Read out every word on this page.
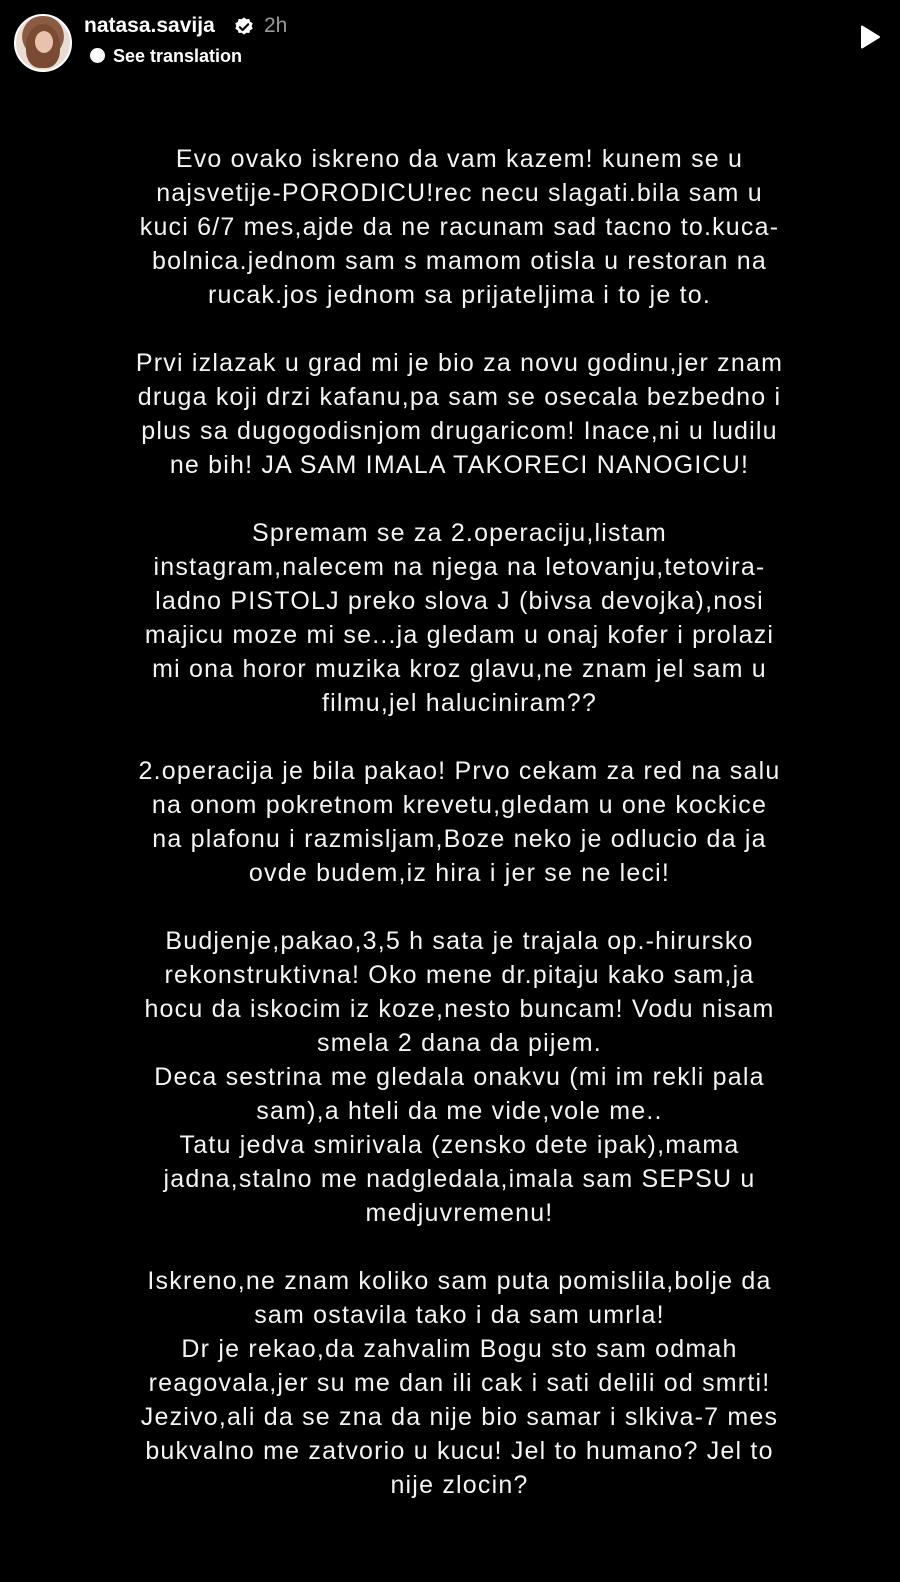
natasa.savija 2h
See translation
Evo ovako iskreno da vam kazem! kunem se u
najsvetije-PORODICU!rec necu slagati.bila sam u
kuci 6/7 mes,ajde da ne racunam sad tacno to.kuca-
bolnica.jednom sam s mamom otisla u restoran na
rucak.jos jednom sa prijateljima i to je to.
Prvi izlazak u grad mi je bio za novu godinu,jer znam
druga koji drzi kafanu,pa sam se osecala bezbedno i
plus sa dugogodisnjom drugaricom! Inace,ni u ludilu
ne bih! JA SAM IMALA TAKORECI NANOGICU!
Spremam se za 2.operaciju,listam
instagram,nalecem na njega na letovanju,tetovira-
ladno PISTOLJ preko slova J (bivsa devojka),nosi
majicu moze mi se...ja gledam u onaj kofer i prolazi
mi ona horor muzika kroz glavu,ne znam jel sam u
filmu,jel haluciniram??
2.operacija je bila pakao! Prvo cekam za red na salu
na onom pokretnom krevetu,gledam u one kockice
na plafonu i razmisljam,Boze neko je odlucio da ja
ovde budem,iz hira i jer se ne leci!
Budjenje,pakao,3,5 h sata je trajala op.-hirursko
rekonstruktivna! Oko mene dr.pitaju kako sam,ja
hocu da iskocim iz koze,nesto buncam! Vodu nisam
smela 2 dana da pijem.
Deca sestrina me gledala onakvu (mi im rekli pala
sam),a hteli da me vide,vole me..
Tatu jedva smirivala (zensko dete ipak),mama
jadna,stalno me nadgledala,imala sam SEPSU u
medjuvremenu!
Iskreno,ne znam koliko sam puta pomislila,bolje da
sam ostavila tako i da sam umrla!
Dr je rekao,da zahvalim Bogu sto sam odmah
reagovala,jer su me dan ili cak i sati delili od smrti!
Jezivo,ali da se zna da nije bio samar i slkiva-7 mes
bukvalno me zatvorio u kucu! Jel to humano? Jel to
nije zlocin?
